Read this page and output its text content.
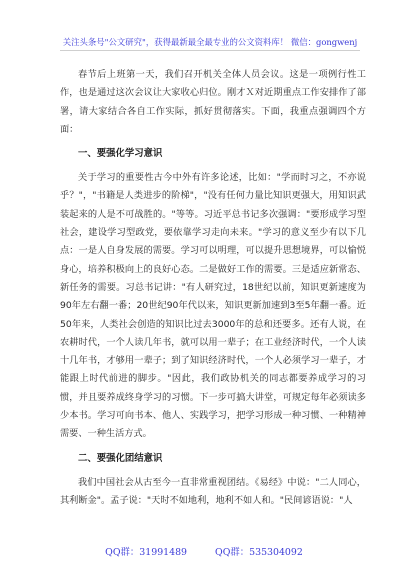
关注头条号"公文研究"，获得最新最全最专业的公文资料库！ 微信：gongwenj

春节后上班第一天，我们召开机关全体人员会议。这是一项例行性工作，也是通过这次会议让大家收心归位。刚才Ｘ对近期重点工作安排作了部署，请大家结合各自工作实际，抓好贯彻落实。下面，我重点强调四个方面：

一、要强化学习意识

关于学习的重要性古今中外有许多论述，比如："学而时习之，不亦说乎？"，"书籍是人类进步的阶梯"，"没有任何力量比知识更强大，用知识武装起来的人是不可战胜的。"等等。习近平总书记多次强调："要形成学习型社会，建设学习型政党，要依靠学习走向未来。"学习的意义至少有以下几点：一是人自身发展的需要。学习可以明理，可以提升思想境界，可以愉悦身心，培养积极向上的良好心态。二是做好工作的需要。三是适应新常态、新任务的需要。习总书记讲："有人研究过，18世纪以前，知识更新速度为90年左右翻一番；20世纪90年代以来，知识更新加速到3至5年翻一番。近50年来，人类社会创造的知识比过去3000年的总和还要多。还有人说，在农耕时代，一个人读几年书，就可以用一辈子；在工业经济时代，一个人读十几年书，才够用一辈子；到了知识经济时代，一个人必须学习一辈子，才能跟上时代前进的脚步。"因此，我们政协机关的同志都要养成学习的习惯，并且要养成终身学习的习惯。下一步可搞大讲堂，可规定每年必须读多少本书。学习可向书本、他人、实践学习，把学习形成一种习惯、一种精神需要、一种生活方式。

二、要强化团结意识

我们中国社会从古至今一直非常重视团结。《易经》中说："二人同心，其利断金"。孟子说："天时不如地利，地利不如人和。"民间谚语说："人

QQ群：31991489	QQ群：535304092
